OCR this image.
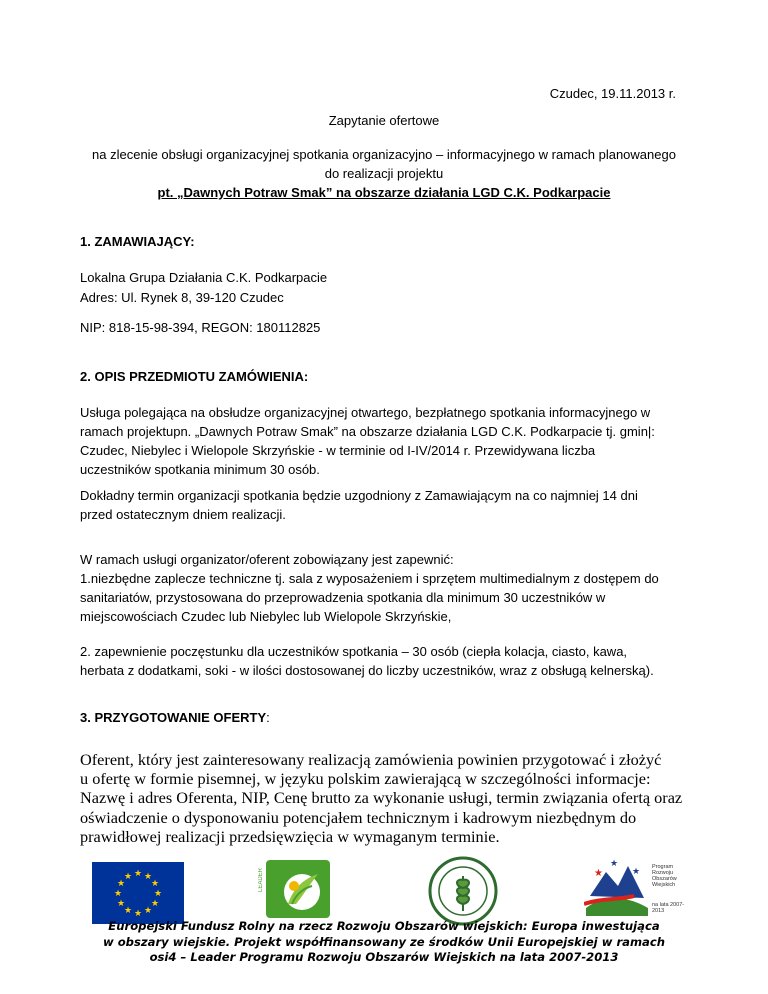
Czudec, 19.11.2013 r.

Zapytanie ofertowe

na zlecenie obsługi organizacyjnej spotkania organizacyjno – informacyjnego w ramach planowanego
do realizacji projektu
pt. „Dawnych Potraw Smak” na obszarze działania LGD C.K. Podkarpacie

1. ZAMAWIAJĄCY:

Lokalna Grupa Działania C.K. Podkarpacie

Adres: Ul. Rynek 8, 39-120 Czudec

NIP: 818-15-98-394, REGON: 180112825

2. OPIS PRZEDMIOTU ZAMÓWIENIA:

Usługa polegająca na obsłudze organizacyjnej otwartego, bezpłatnego spotkania informacyjnego w
ramach projektupn. „Dawnych Potraw Smak” na obszarze działania LGD C.K. Podkarpacie tj. gmin|:
Czudec, Niebylec i Wielopole Skrzyńskie - w terminie od I-IV/2014 r. Przewidywana liczba
uczestników spotkania minimum 30 osób.
Dokładny termin organizacji spotkania będzie uzgodniony z Zamawiającym na co najmniej 14 dni
przed ostatecznym dniem realizacji.
W ramach usługi organizator/oferent zobowiązany jest zapewnić:
1.niezbędne zaplecze techniczne tj. sala z wyposażeniem i sprzętem multimedialnym z dostępem do
sanitariatów, przystosowana do przeprowadzenia spotkania dla minimum 30 uczestników w
miejscowościach Czudec lub Niebylec lub Wielopole Skrzyńskie,
2. zapewnienie poczęstunku dla uczestników spotkania – 30 osób (ciepła kolacja, ciasto, kawa,
herbata z dodatkami, soki - w ilości dostosowanej do liczby uczestników, wraz z obsługą kelnerską).

3. PRZYGOTOWANIE OFERTY:

Oferent, który jest zainteresowany realizacją zamówienia powinien przygotować i złożyć
u ofertę w formie pisemnej, w języku polskim zawierającą w szczególności informacje:
Nazwę i adres Oferenta, NIP, Cenę brutto za wykonanie usługi, termin związania ofertą oraz
oświadczenie o dysponowaniu potencjałem technicznym i kadrowym niezbędnym do
prawidłowej realizacji przedsięwzięcia w wymaganym terminie.
★ ★
★
★
★
★
★
★
★
★
★
★	LEADER	★
★
★ Program
Rozwoju
Obszarów
Wiejskich
na lata 2007-2013
Europejski Fundusz Rolny na rzecz Rozwoju Obszarów wiejskich: Europa inwestująca
w obszary wiejskie. Projekt współfinansowany ze środków Unii Europejskiej w ramach
osi4 – Leader Programu Rozwoju Obszarów Wiejskich na lata 2007-2013
